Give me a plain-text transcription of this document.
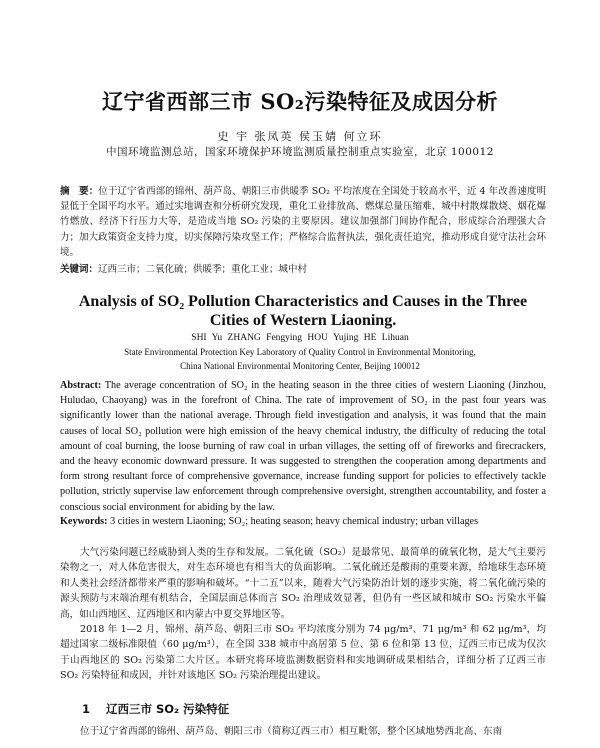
辽宁省西部三市 SO₂污染特征及成因分析
史 宇 张凤英 侯玉婧 何立环
中国环境监测总站，国家环境保护环境监测质量控制重点实验室，北京 100012
摘　要：位于辽宁省西部的锦州、葫芦岛、朝阳三市供暖季 SO₂ 平均浓度在全国处于较高水平，近 4 年改善速度明显低于全国平均水平。通过实地调查和分析研究发现，重化工业排放高、燃煤总量压缩难、城中村散煤散烧、烟花爆竹燃放、经济下行压力大等，是造成当地 SO₂ 污染的主要原因。建议加强部门间协作配合，形成综合治理强大合力；加大政策资金支持力度，切实保障污染攻坚工作；严格综合监督执法，强化责任追究，推动形成自觉守法社会环境。
关键词：辽西三市；二氧化硫；供暖季；重化工业；城中村
Analysis of SO₂ Pollution Characteristics and Causes in the Three Cities of Western Liaoning.
SHI Yu ZHANG Fengying HOU Yujing HE Lihuan
State Environmental Protection Key Laboratory of Quality Control in Environmental Monitoring,
China National Environmental Monitoring Center, Beijing 100012
Abstract: The average concentration of SO₂ in the heating season in the three cities of western Liaoning (Jinzhou, Huludao, Chaoyang) was in the forefront of China. The rate of improvement of SO₂ in the past four years was significantly lower than the national average. Through field investigation and analysis, it was found that the main causes of local SO₂ pollution were high emission of the heavy chemical industry, the difficulty of reducing the total amount of coal burning, the loose burning of raw coal in urban villages, the setting off of fireworks and firecrackers, and the heavy economic downward pressure. It was suggested to strengthen the cooperation among departments and form strong resultant force of comprehensive governance, increase funding support for policies to effectively tackle pollution, strictly supervise law enforcement through comprehensive oversight, strengthen accountability, and foster a conscious social environment for abiding by the law.
Keywords: 3 cities in western Liaoning; SO₂; heating season; heavy chemical industry; urban villages
大气污染问题已经威胁到人类的生存和发展。二氧化硫（SO₂）是最常见、最简单的硫氧化物，是大气主要污染物之一，对人体危害很大，对生态环境也有相当大的负面影响。二氧化硫还是酸雨的重要来源，给地球生态环境和人类社会经济都带来严重的影响和破坏。“十二五”以来，随着大气污染防治计划的逐步实施，将二氧化硫污染的源头预防与末端治理有机结合，全国层面总体而言 SO₂ 治理成效显著，但仍有一些区域和城市 SO₂ 污染水平偏高，如山西地区、辽西地区和内蒙古中夏交界地区等。
2018 年 1—2 月，锦州、葫芦岛、朝阳三市 SO₂ 平均浓度分别为 74 μg/m³、71 μg/m³ 和 62 μg/m³，均超过国家二级标准限值（60 μg/m³），在全国 338 城市中高居第 5 位、第 6 位和第 13 位，辽西三市已成为仅次于山西地区的 SO₂ 污染第二大片区。本研究将环境监测数据资料和实地调研成果相结合，详细分析了辽西三市 SO₂ 污染特征和成因，并针对该地区 SO₂ 污染治理提出建议。
1 辽西三市 SO₂ 污染特征
位于辽宁省西部的锦州、葫芦岛、朝阳三市（简称辽西三市）相互毗邻，整个区域地势西北高、东南
